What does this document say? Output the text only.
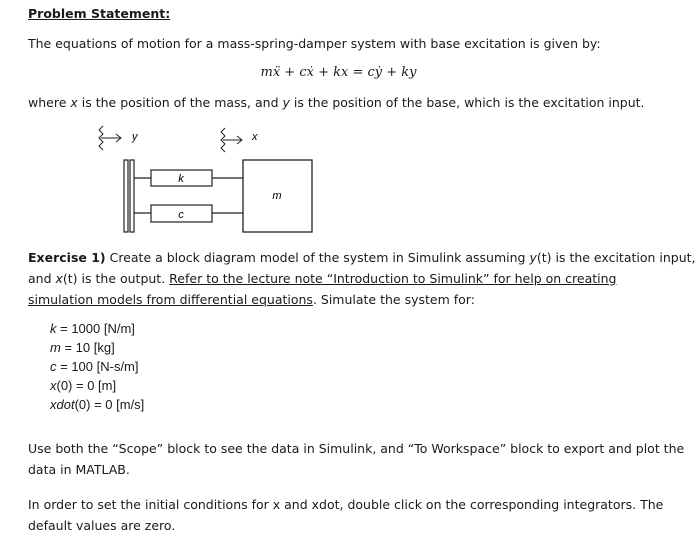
Problem Statement:
The equations of motion for a mass-spring-damper system with base excitation is given by:
mẍ + cẋ + kx = cẏ + ky
where x is the position of the mass, and y is the position of the base, which is the excitation input.
y	x
k
c
m
Exercise 1) Create a block diagram model of the system in Simulink assuming y(t) is the excitation input,
and x(t) is the output. Refer to the lecture note “Introduction to Simulink” for help on creating
simulation models from differential equations. Simulate the system for:
k = 1000 [N/m]
m = 10 [kg]
c = 100 [N-s/m]
x(0) = 0 [m]
xdot(0) = 0 [m/s]
Use both the “Scope” block to see the data in Simulink, and “To Workspace” block to export and plot the
data in MATLAB.
In order to set the initial conditions for x and xdot, double click on the corresponding integrators. The
default values are zero.
